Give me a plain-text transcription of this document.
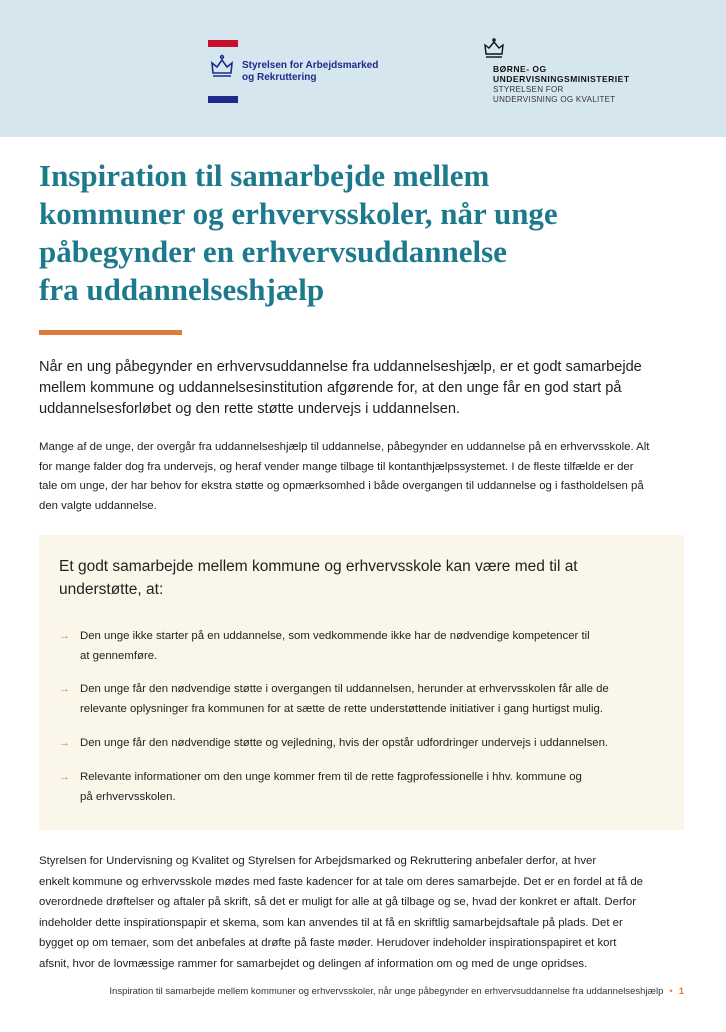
Styrelsen for Arbejdsmarked
og Rekruttering
BØRNE- OG
UNDERVISNINGSMINISTERIET
STYRELSEN FOR
UNDERVISNING OG KVALITET
Inspiration til samarbejde mellem
kommuner og erhvervsskoler, når unge
påbegynder en erhvervsuddannelse
fra uddannelseshjælp

Når en ung påbegynder en erhvervsuddannelse fra uddannelseshjælp, er et godt samarbejde
mellem kommune og uddannelsesinstitution afgørende for, at den unge får en god start på
uddannelsesforløbet og den rette støtte undervejs i uddannelsen.

Mange af de unge, der overgår fra uddannelseshjælp til uddannelse, påbegynder en uddannelse på en erhvervsskole. Alt
for mange falder dog fra undervejs, og heraf vender mange tilbage til kontanthjælpssystemet. I de fleste tilfælde er der
tale om unge, der har behov for ekstra støtte og opmærksomhed i både overgangen til uddannelse og i fastholdelsen på
den valgte uddannelse.

Et godt samarbejde mellem kommune og erhvervsskole kan være med til at
understøtte, at:
→ Den unge ikke starter på en uddannelse, som vedkommende ikke har de nødvendige kompetencer til
at gennemføre.
→ Den unge får den nødvendige støtte i overgangen til uddannelsen, herunder at erhvervsskolen får alle de
relevante oplysninger fra kommunen for at sætte de rette understøttende initiativer i gang hurtigst mulig.
→ Den unge får den nødvendige støtte og vejledning, hvis der opstår udfordringer undervejs i uddannelsen.
→ Relevante informationer om den unge kommer frem til de rette fagprofessionelle i hhv. kommune og
på erhvervsskolen.

Styrelsen for Undervisning og Kvalitet og Styrelsen for Arbejdsmarked og Rekruttering anbefaler derfor, at hver
enkelt kommune og erhvervsskole mødes med faste kadencer for at tale om deres samarbejde. Det er en fordel at få de
overordnede drøftelser og aftaler på skrift, så det er muligt for alle at gå tilbage og se, hvad der konkret er aftalt. Derfor
indeholder dette inspirationspapir et skema, som kan anvendes til at få en skriftlig samarbejdsaftale på plads. Det er
bygget op om temaer, som det anbefales at drøfte på faste møder. Herudover indeholder inspirationspapiret et kort
afsnit, hvor de lovmæssige rammer for samarbejdet og delingen af information om og med de unge opridses.

Inspiration til samarbejde mellem kommuner og erhvervsskoler, når unge påbegynder en erhvervsuddannelse fra uddannelseshjælp • 1
